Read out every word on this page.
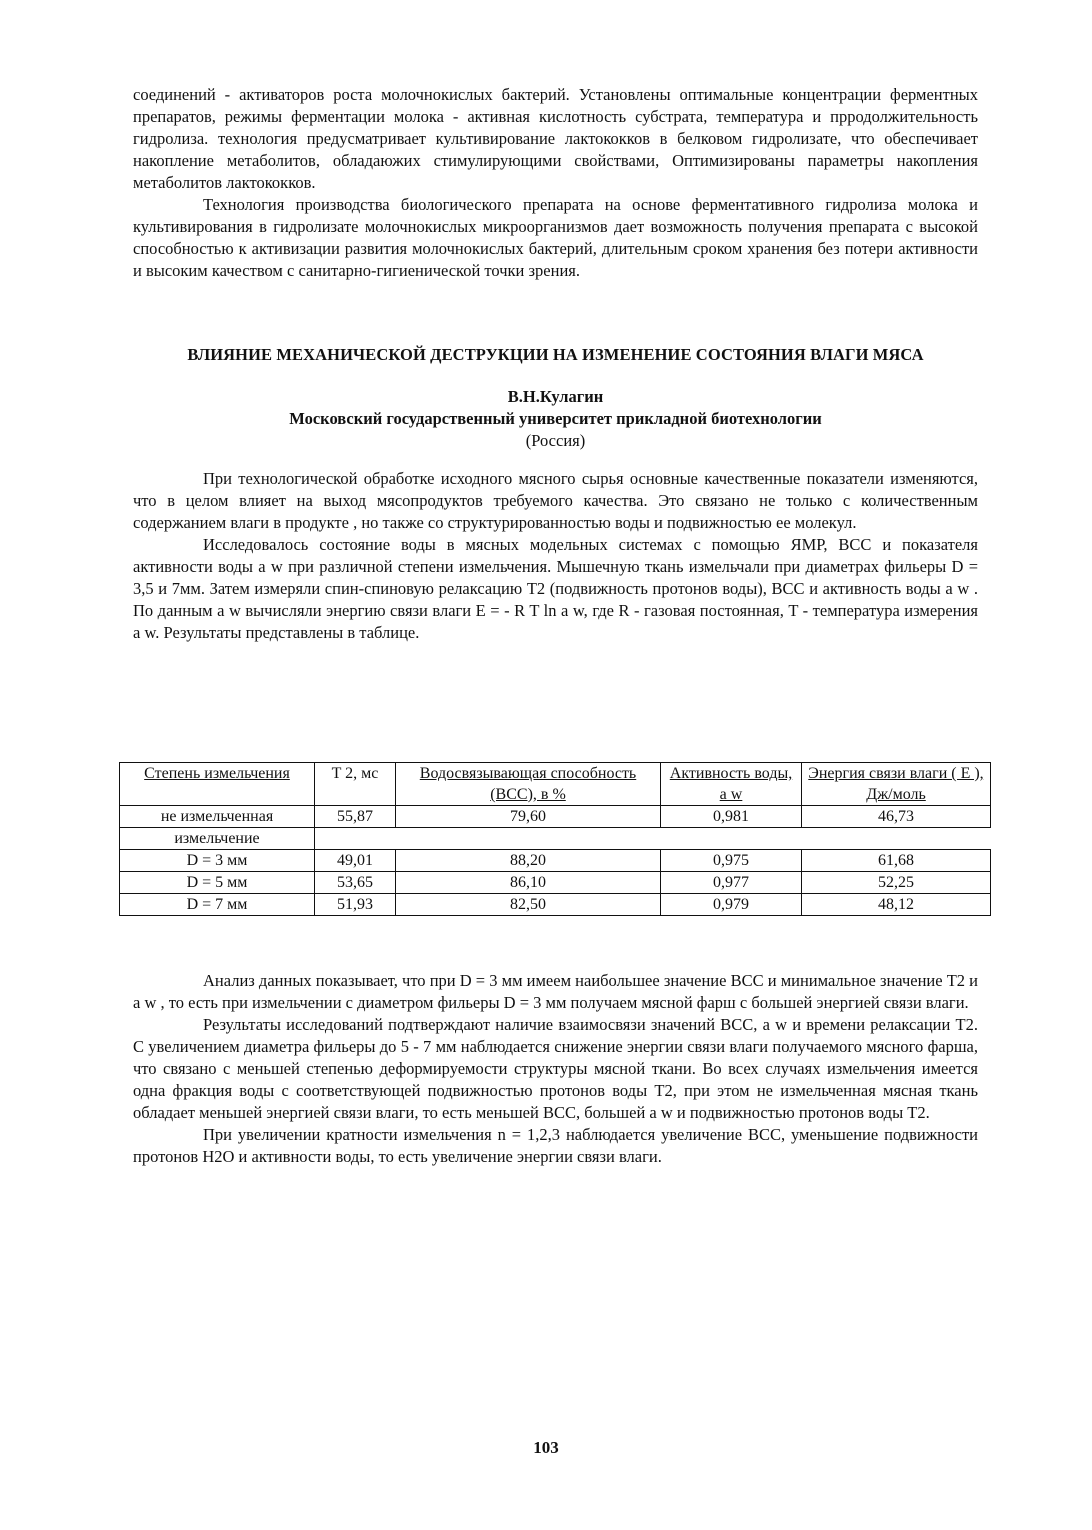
соединений - активаторов роста молочнокислых бактерий. Установлены оптимальные концентрации ферментных препаратов, режимы ферментации молока - активная кислотность субстрата, температура и прродолжительность гидролиза. технология предусматривает культивирование лактококков в белковом гидролизате, что обеспечивает накопление метаболитов, обладаюжих стимулирующими свойствами, Оптимизированы параметры накопления метаболитов лактококков.

Технология производства биологического препарата на основе ферментативного гидролиза молока и культивирования в гидролизате молочнокислых микроорганизмов дает возможность получения препарата с высокой способностью к активизации развития молочнокислых бактерий, длительным сроком хранения без потери активности и высоким качеством с санитарно-гигиенической точки зрения.

ВЛИЯНИЕ МЕХАНИЧЕСКОЙ ДЕСТРУКЦИИ НА ИЗМЕНЕНИЕ СОСТОЯНИЯ ВЛАГИ МЯСА
В.Н.Кулагин
Московский государственный университет прикладной биотехнологии
(Россия)

При технологической обработке исходного мясного сырья основные качественные показатели изменяются, что в целом влияет на выход мясопродуктов требуемого качества. Это связано не только с количественным содержанием влаги в продукте , но также со структурированностью воды и подвижностью ее молекул.

Исследовалось состояние воды в мясных модельных системах с помощью ЯМР, ВСС и показателя активности воды a w при различной степени измельчения. Мышечную ткань измельчали при диаметрах фильеры D = 3,5 и 7мм. Затем измеряли спин-спиновую релаксацию T2 (подвижность протонов воды), ВСС и активность воды a w . По данным a w вычисляли энергию связи влаги E = - R T ln a w, где R - газовая постоянная, T - температура измерения a w. Результаты представлены в таблице.

Степень измельчения	T 2, мс	Водосвязывающая способность (ВСС), в %	Активность воды, a w	Энергия связи влаги ( E ), Дж/моль
не измельченная	55,87	79,60	0,981	46,73
измельчение				
D = 3 мм	49,01	88,20	0,975	61,68
D = 5 мм	53,65	86,10	0,977	52,25
D = 7 мм	51,93	82,50	0,979	48,12

Анализ данных показывает, что при D = 3 мм имеем наибольшее значение ВСС и минимальное значение T2 и a w , то есть при измельчении с диаметром фильеры D = 3 мм получаем мясной фарш с большей энергией связи влаги.

Результаты исследований подтверждают наличие взаимосвязи значений ВСС, a w и времени релаксации T2. С увеличением диаметра фильеры до 5 - 7 мм наблюдается снижение энергии связи влаги получаемого мясного фарша, что связано с меньшей степенью деформируемости структуры мясной ткани. Во всех случаях измельчения имеется одна фракция воды с соответствующей подвижностью протонов воды T2, при этом не измельченная мясная ткань обладает меньшей энергией связи влаги, то есть меньшей ВСС, большей a w и подвижностью протонов воды T2.

При увеличении кратности измельчения n = 1,2,3 наблюдается увеличение ВСС, уменьшение подвижности протонов H2O и активности воды, то есть увеличение энергии связи влаги.

103
